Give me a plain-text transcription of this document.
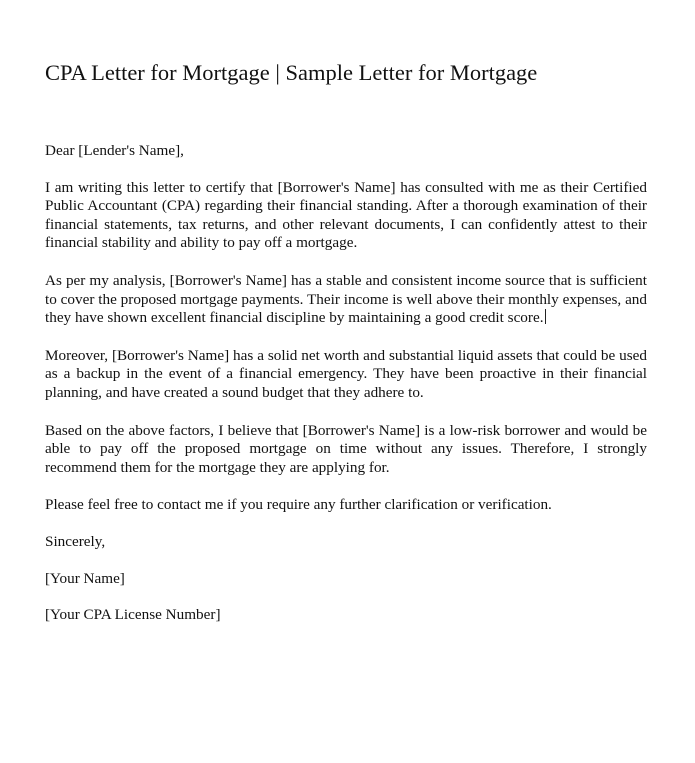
CPA Letter for Mortgage | Sample Letter for Mortgage

Dear [Lender's Name],

I am writing this letter to certify that [Borrower's Name] has consulted with me as their Certified Public Accountant (CPA) regarding their financial standing. After a thorough examination of their financial statements, tax returns, and other relevant documents, I can confidently attest to their financial stability and ability to pay off a mortgage.

As per my analysis, [Borrower's Name] has a stable and consistent income source that is sufficient to cover the proposed mortgage payments. Their income is well above their monthly expenses, and they have shown excellent financial discipline by maintaining a good credit score.

Moreover, [Borrower's Name] has a solid net worth and substantial liquid assets that could be used as a backup in the event of a financial emergency. They have been proactive in their financial planning, and have created a sound budget that they adhere to.

Based on the above factors, I believe that [Borrower's Name] is a low-risk borrower and would be able to pay off the proposed mortgage on time without any issues. Therefore, I strongly recommend them for the mortgage they are applying for.

Please feel free to contact me if you require any further clarification or verification.

Sincerely,

[Your Name]

[Your CPA License Number]
